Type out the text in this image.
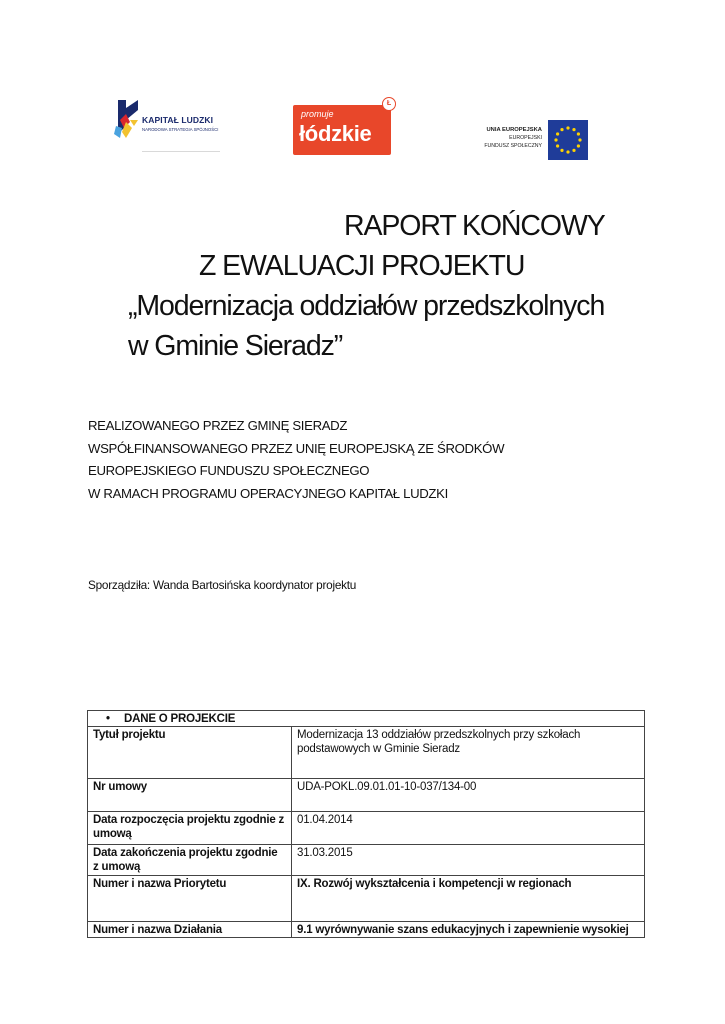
KAPITAŁ LUDZKI
NARODOWA STRATEGIA SPÓJNOŚCI
promuje
łódzkie
Ł
UNIA EUROPEJSKA
EUROPEJSKI
FUNDUSZ SPOŁECZNY
RAPORT KOŃCOWY
Z EWALUACJI PROJEKTU
„Modernizacja oddziałów przedszkolnych
w Gminie Sieradz”
REALIZOWANEGO PRZEZ GMINĘ SIERADZ
WSPÓŁFINANSOWANEGO PRZEZ UNIĘ EUROPEJSKĄ ZE ŚRODKÓW
EUROPEJSKIEGO FUNDUSZU SPOŁECZNEGO
W RAMACH PROGRAMU OPERACYJNEGO KAPITAŁ LUDZKI
Sporządziła: Wanda Bartosińska koordynator projektu
• DANE O PROJEKCIE	
Tytuł projektu	Modernizacja 13 oddziałów przedszkolnych przy szkołach
podstawowych w Gminie Sieradz

Nr umowy	UDA-POKL.09.01.01-10-037/134-00

Data rozpoczęcia projektu zgodnie z
umową	01.04.2014

Data zakończenia projektu zgodnie
z umową	31.03.2015
Numer i nazwa Priorytetu	IX. Rozwój wykształcenia i kompetencji w regionach
Numer i nazwa Działania	9.1 wyrównywanie szans edukacyjnych i zapewnienie wysokiej
